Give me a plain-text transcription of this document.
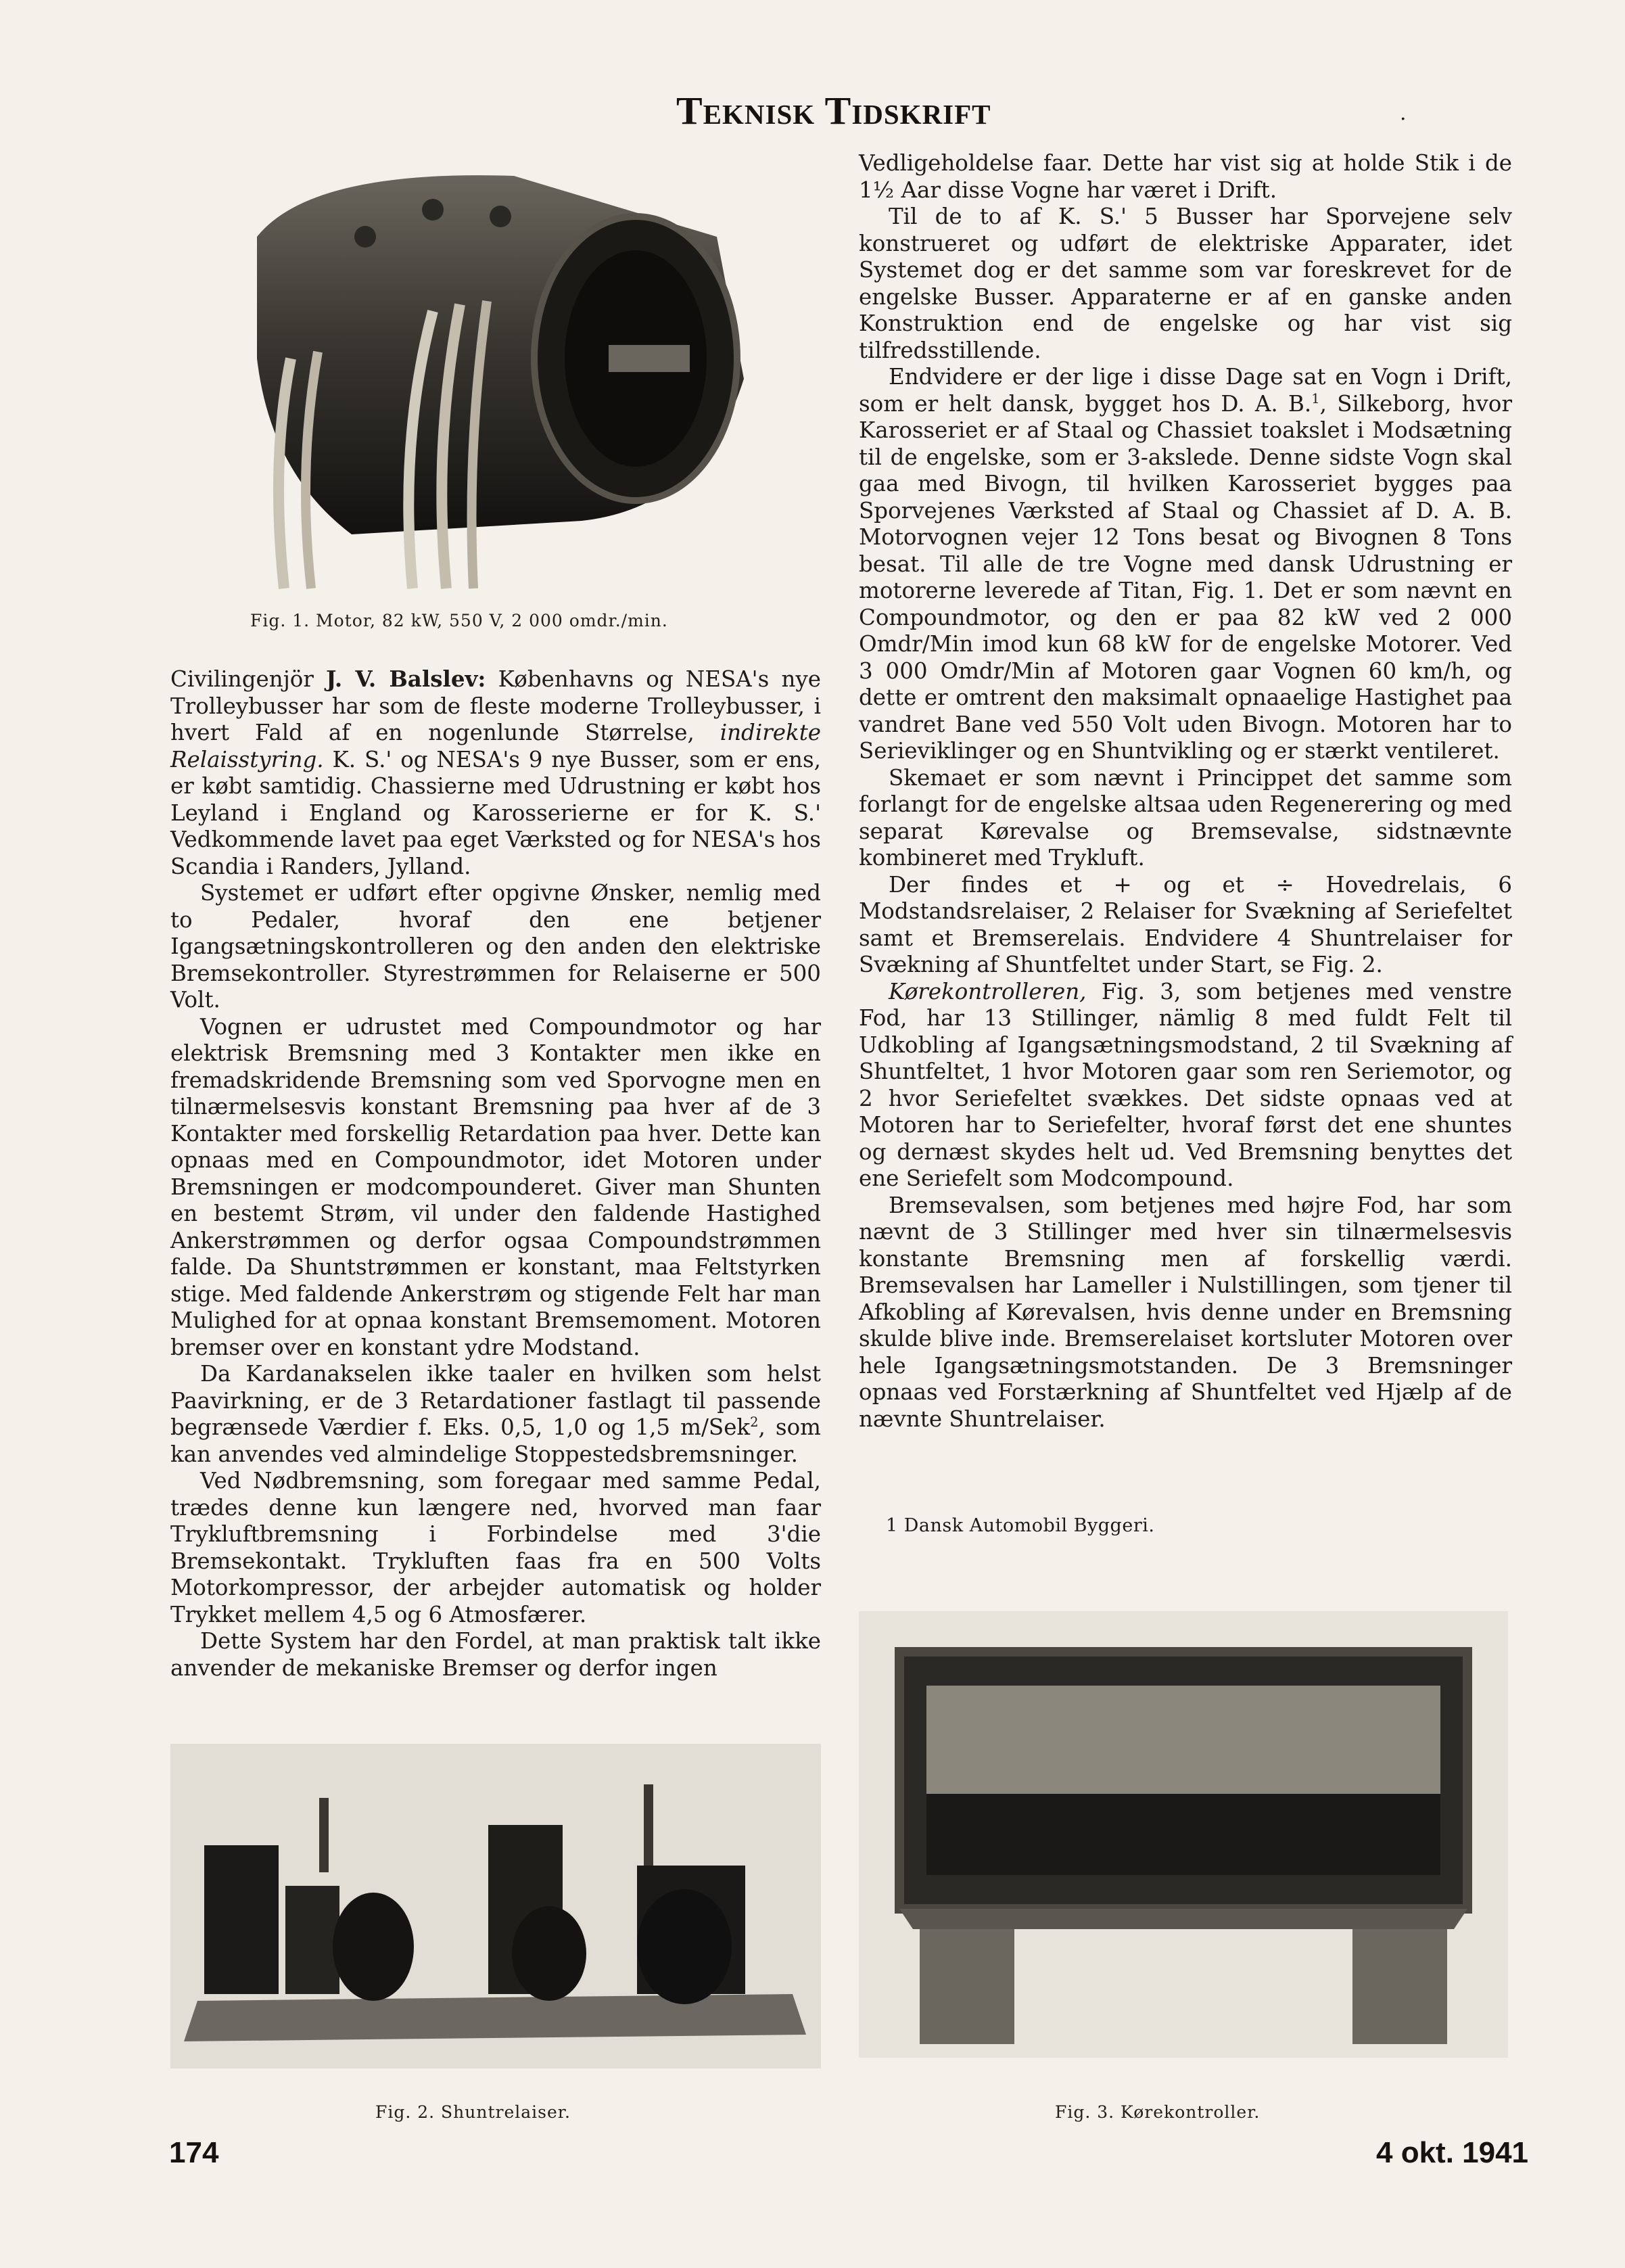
Teknisk Tidskrift	.
Fig. 1. Motor, 82 kW, 550 V, 2 000 omdr./min.

Civilingenjör J. V. Balslev: Københavns og NESA's nye Trolleybusser har som de fleste moderne Trolleybusser, i hvert Fald af en nogenlunde Størrelse, indirekte Relaisstyring. K. S.' og NESA's 9 nye Busser, som er ens, er købt samtidig. Chassierne med Udrustning er købt hos Leyland i England og Karosserierne er for K. S.' Vedkommende lavet paa eget Værksted og for NESA's hos Scandia i Randers, Jylland.

Systemet er udført efter opgivne Ønsker, nemlig med to Pedaler, hvoraf den ene betjener Igangsætningskontrolleren og den anden den elektriske Bremsekontroller. Styrestrømmen for Relaiserne er 500 Volt.

Vognen er udrustet med Compoundmotor og har elektrisk Bremsning med 3 Kontakter men ikke en fremadskridende Bremsning som ved Sporvogne men en tilnærmelsesvis konstant Bremsning paa hver af de 3 Kontakter med forskellig Retardation paa hver. Dette kan opnaas med en Compoundmotor, idet Motoren under Bremsningen er modcompounderet. Giver man Shunten en bestemt Strøm, vil under den faldende Hastighed Ankerstrømmen og derfor ogsaa Compoundstrømmen falde. Da Shuntstrømmen er konstant, maa Feltstyrken stige. Med faldende Ankerstrøm og stigende Felt har man Mulighed for at opnaa konstant Bremsemoment. Motoren bremser over en konstant ydre Modstand.

Da Kardanakselen ikke taaler en hvilken som helst Paavirkning, er de 3 Retardationer fastlagt til passende begrænsede Værdier f. Eks. 0,5, 1,0 og 1,5 m/Sek$^2$, som kan anvendes ved almindelige Stoppestedsbremsninger.

Ved Nødbremsning, som foregaar med samme Pedal, trædes denne kun længere ned, hvorved man faar Trykluftbremsning i Forbindelse med 3'die Bremsekontakt. Trykluften faas fra en 500 Volts Motorkompressor, der arbejder automatisk og holder Trykket mellem 4,5 og 6 Atmosfærer.

Dette System har den Fordel, at man praktisk talt ikke anvender de mekaniske Bremser og derfor ingen

Vedligeholdelse faar. Dette har vist sig at holde Stik i de 1½ Aar disse Vogne har været i Drift.

Til de to af K. S.' 5 Busser har Sporvejene selv konstrueret og udført de elektriske Apparater, idet Systemet dog er det samme som var foreskrevet for de engelske Busser. Apparaterne er af en ganske anden Konstruktion end de engelske og har vist sig tilfredsstillende.

Endvidere er der lige i disse Dage sat en Vogn i Drift, som er helt dansk, bygget hos D. A. B.$^1$, Silkeborg, hvor Karosseriet er af Staal og Chassiet toakslet i Modsætning til de engelske, som er 3-akslede. Denne sidste Vogn skal gaa med Bivogn, til hvilken Karosseriet bygges paa Sporvejenes Værksted af Staal og Chassiet af D. A. B. Motorvognen vejer 12 Tons besat og Bivognen 8 Tons besat. Til alle de tre Vogne med dansk Udrustning er motorerne leverede af Titan, Fig. 1. Det er som nævnt en Compoundmotor, og den er paa 82 kW ved 2 000 Omdr/Min imod kun 68 kW for de engelske Motorer. Ved 3 000 Omdr/Min af Motoren gaar Vognen 60 km/h, og dette er omtrent den maksimalt opnaaelige Hastighet paa vandret Bane ved 550 Volt uden Bivogn. Motoren har to Serieviklinger og en Shuntvikling og er stærkt ventileret.

Skemaet er som nævnt i Princippet det samme som forlangt for de engelske altsaa uden Regenerering og med separat Kørevalse og Bremsevalse, sidstnævnte kombineret med Trykluft.

Der findes et + og et ÷ Hovedrelais, 6 Modstandsrelaiser, 2 Relaiser for Svækning af Seriefeltet samt et Bremserelais. Endvidere 4 Shuntrelaiser for Svækning af Shuntfeltet under Start, se Fig. 2.

Kørekontrolleren, Fig. 3, som betjenes med venstre Fod, har 13 Stillinger, nämlig 8 med fuldt Felt til Udkobling af Igangsætningsmodstand, 2 til Svækning af Shuntfeltet, 1 hvor Motoren gaar som ren Seriemotor, og 2 hvor Seriefeltet svækkes. Det sidste opnaas ved at Motoren har to Seriefelter, hvoraf først det ene shuntes og dernæst skydes helt ud. Ved Bremsning benyttes det ene Seriefelt som Modcompound.

Bremsevalsen, som betjenes med højre Fod, har som nævnt de 3 Stillinger med hver sin tilnærmelsesvis konstante Bremsning men af forskellig værdi. Bremsevalsen har Lameller i Nulstillingen, som tjener til Afkobling af Kørevalsen, hvis denne under en Bremsning skulde blive inde. Bremserelaiset kortsluter Motoren over hele Igangsætningsmotstanden. De 3 Bremsninger opnaas ved Forstærkning af Shuntfeltet ved Hjælp af de nævnte Shuntrelaiser.

1 Dansk Automobil Byggeri.
Fig. 2. Shuntrelaiser.	Fig. 3. Kørekontroller.
174	4 okt. 1941
